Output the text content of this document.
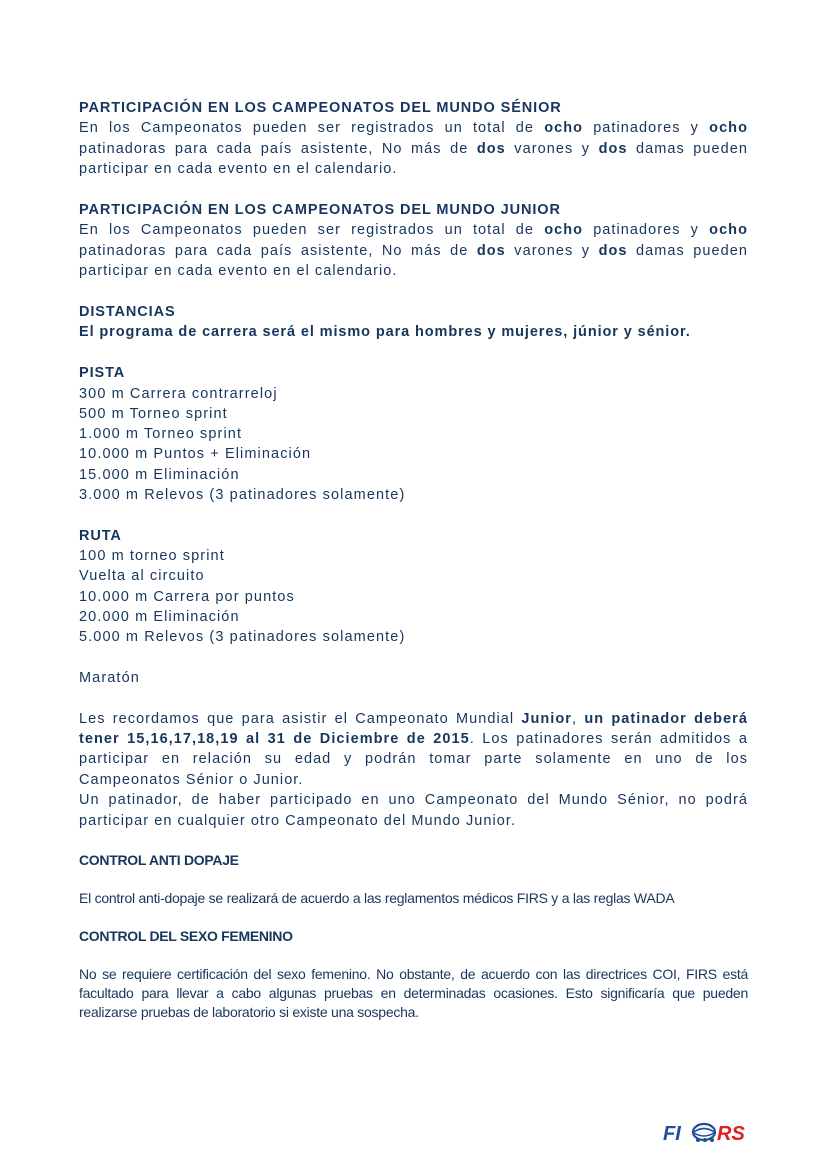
PARTICIPACIÓN EN LOS CAMPEONATOS DEL MUNDO SÉNIOR

En los Campeonatos pueden ser registrados un total de ocho patinadores y ocho patinadoras para cada país asistente, No más de dos varones y dos damas pueden participar en cada evento en el calendario.

PARTICIPACIÓN EN LOS CAMPEONATOS DEL MUNDO JUNIOR

En los Campeonatos pueden ser registrados un total de ocho patinadores y ocho patinadoras para cada país asistente, No más de dos varones y dos damas pueden participar en cada evento en el calendario.

DISTANCIAS

El programa de carrera será el mismo para hombres y mujeres, júnior y sénior.

PISTA

300 m Carrera contrarreloj

500 m Torneo sprint

1.000 m Torneo sprint

10.000 m Puntos + Eliminación

15.000 m Eliminación

3.000 m Relevos (3 patinadores solamente)

RUTA

100 m torneo sprint

Vuelta al circuito

10.000 m Carrera por puntos

20.000 m Eliminación

5.000 m Relevos (3 patinadores solamente)

Maratón

Les recordamos que para asistir el Campeonato Mundial Junior, un patinador deberá tener 15,16,17,18,19 al 31 de Diciembre de 2015. Los patinadores serán admitidos a participar en relación su edad y podrán tomar parte solamente en uno de los Campeonatos Sénior o Junior.

Un patinador, de haber participado en uno Campeonato del Mundo Sénior, no podrá participar en cualquier otro Campeonato del Mundo Junior.

CONTROL ANTI DOPAJE

El control anti-dopaje se realizará de acuerdo a las reglamentos médicos FIRS y a las reglas WADA

CONTROL DEL SEXO FEMENINO

No se requiere certificación del sexo femenino. No obstante, de acuerdo con las directrices COI, FIRS está facultado para llevar a cabo algunas pruebas en determinadas ocasiones. Esto significaría que pueden realizarse pruebas de laboratorio si existe una sospecha.

FI RS
